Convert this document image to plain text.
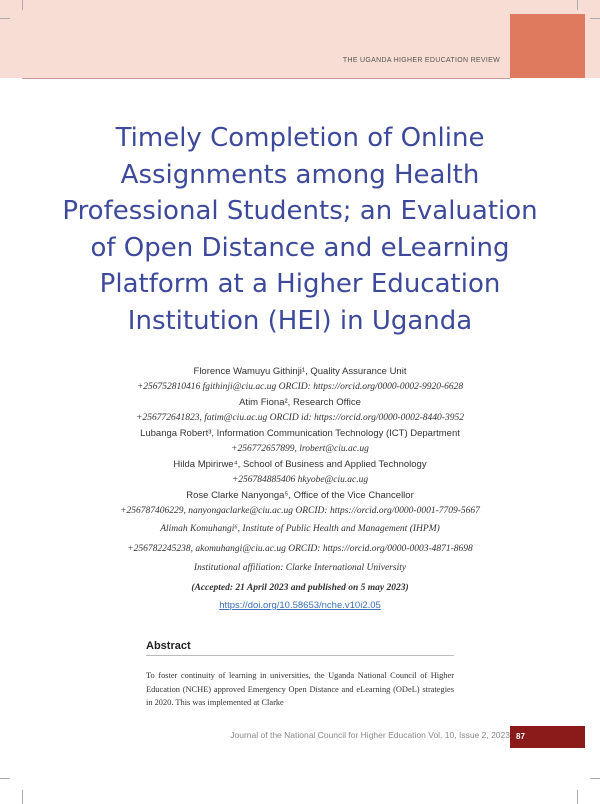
THE UGANDA HIGHER EDUCATION REVIEW
Timely Completion of Online Assignments among Health Professional Students; an Evaluation of Open Distance and eLearning Platform at a Higher Education Institution (HEI) in Uganda
Florence Wamuyu Githinji¹, Quality Assurance Unit
+256752810416 fgithinji@ciu.ac.ug ORCID: https://orcid.org/0000-0002-9920-6628
Atim Fiona², Research Office
+256772641823, fatim@ciu.ac.ug ORCID id: https://orcid.org/0000-0002-8440-3952
Lubanga Robert³, Information Communication Technology (ICT) Department
+256772657899, lrobert@ciu.ac.ug
Hilda Mpirirwe⁴, School of Business and Applied Technology
+256784885406 hkyobe@ciu.ac.ug
Rose Clarke Nanyonga⁵, Office of the Vice Chancellor
+256787406229, nanyongaclarke@ciu.ac.ug ORCID: https://orcid.org/0000-0001-7709-5667
Alimah Komuhangi⁶, Institute of Public Health and Management (IHPM)
+256782245238, akomuhangi@ciu.ac.ug ORCID: https://orcid.org/0000-0003-4871-8698
Institutional affiliation: Clarke International University
(Accepted: 21 April 2023 and published on 5 may 2023)
https://doi.org/10.58653/nche.v10i2.05
Abstract
To foster continuity of learning in universities, the Uganda National Council of Higher Education (NCHE) approved Emergency Open Distance and eLearning (ODeL) strategies in 2020. This was implemented at Clarke
Journal of the National Council for Higher Education Vol. 10, Issue 2, 2023 87
